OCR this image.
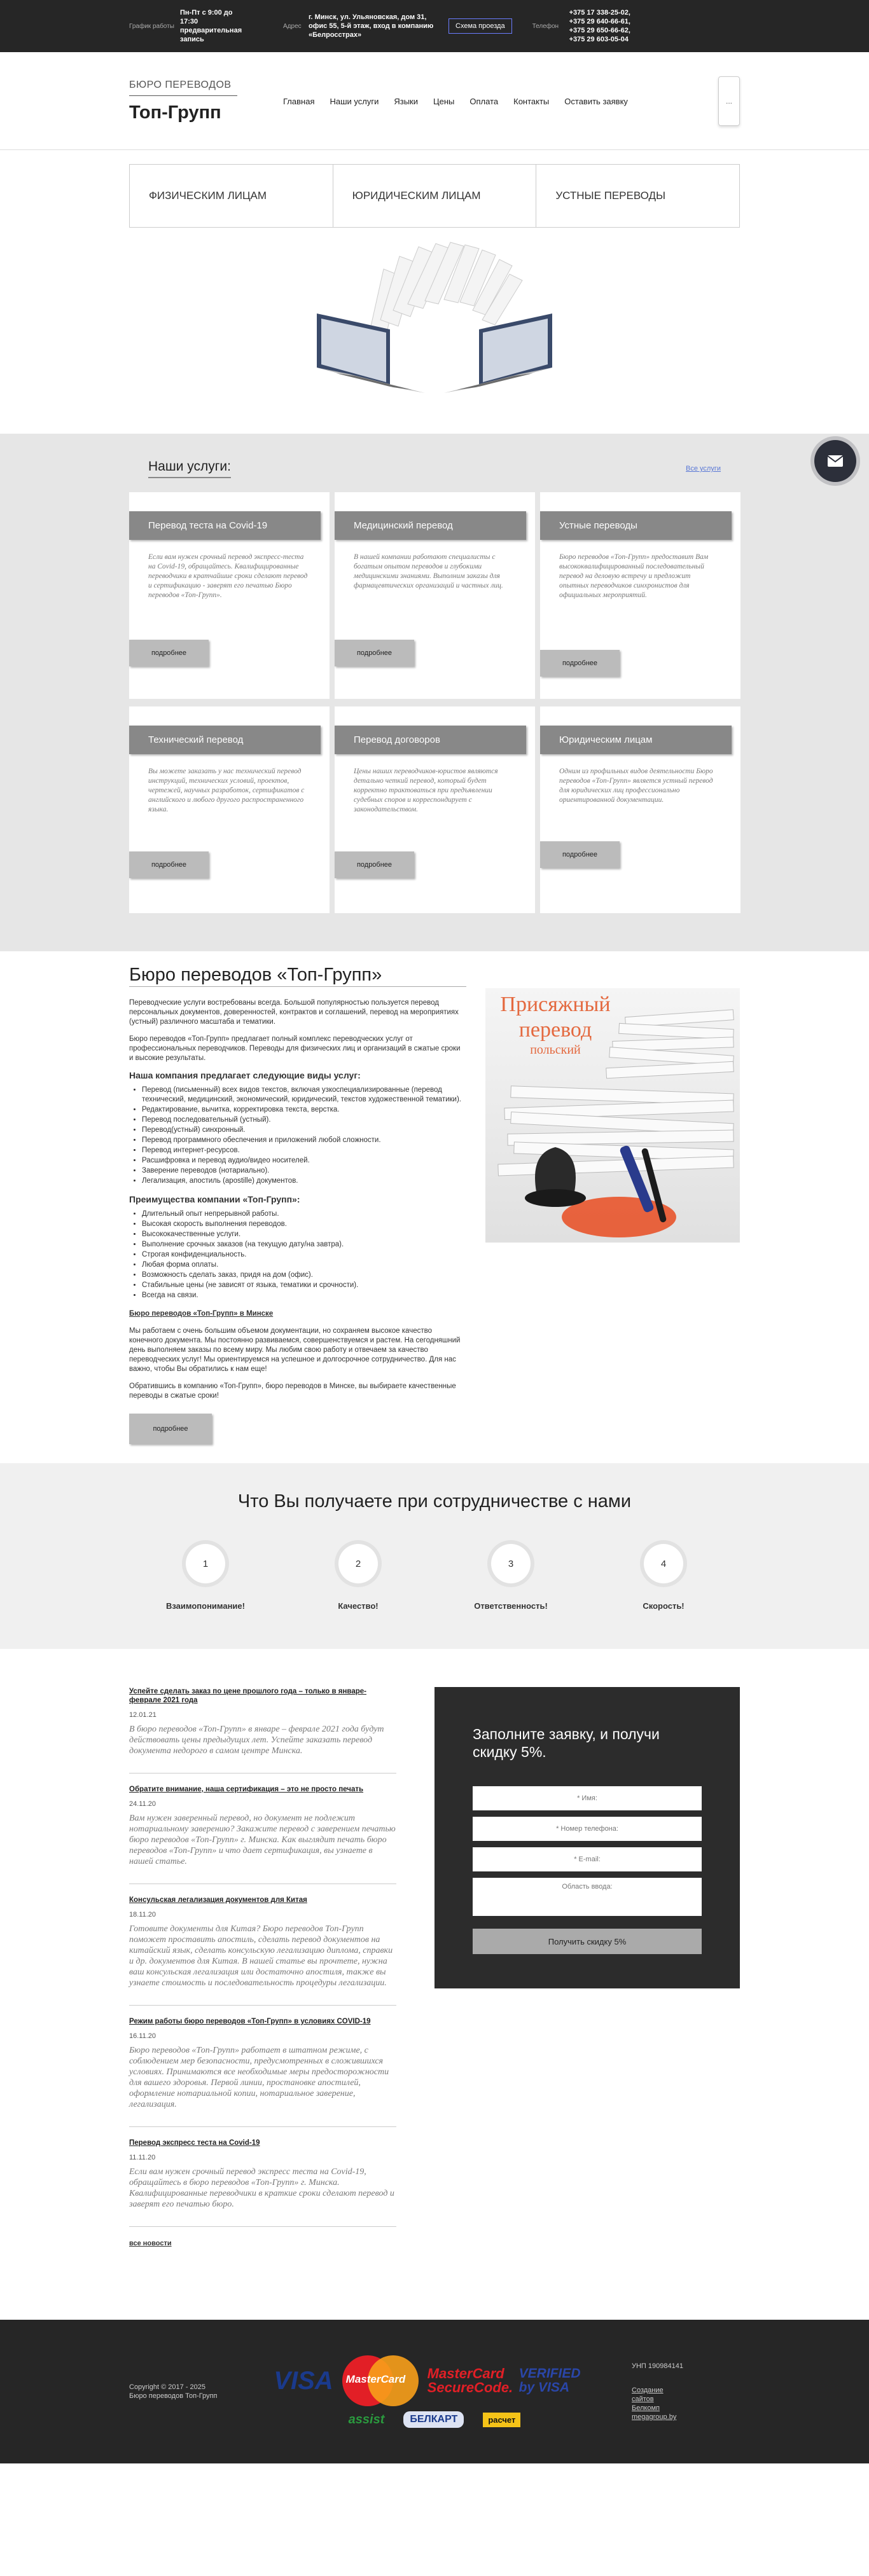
График работы
Пн-Пт с 9:00 до 17:30 предварительная запись
Адрес
г. Минск, ул. Ульяновская, дом 31, офис 55, 5-й этаж, вход в компанию «Белросстрах»
Схема проезда	Телефон
+375 17 338-25-02,
+375 29 640-66-61,
+375 29 650-66-62,
+375 29 603-05-04
БЮРО ПЕРЕВОДОВ
Топ-Групп
Главная	Наши услуги	Языки	Цены	Оплата	Контакты	Оставить заявку	...
ФИЗИЧЕСКИМ ЛИЦАМ	ЮРИДИЧЕСКИМ ЛИЦАМ	УСТНЫЕ ПЕРЕВОДЫ
Наши услуги:	Все услуги
Перевод теста на Covid-19
Если вам нужен срочный перевод экспресс-теста на Covid-19, обращайтесь. Квалифицированные переводчики в кратчайшие сроки сделают перевод и сертификацию - заверят его печатью Бюро переводов «Топ-Групп».
подробнее
Медицинский перевод
В нашей компании работают специалисты с богатым опытом переводов и глубокими медицинскими знаниями. Выполним заказы для фармацевтических организаций и частных лиц.
подробнее
Устные переводы
Бюро переводов «Топ-Групп» предоставит Вам высококвалифицированный последовательный перевод на деловую встречу и предложит опытных переводчиков синхронистов для официальных мероприятий.
подробнее
Технический перевод
Вы можете заказать у нас технический перевод инструкций, технических условий, проектов, чертежей, научных разработок, сертификатов с английского и любого другого распространенного языка.
подробнее
Перевод договоров
Цены наших переводчиков-юристов являются детально четкий перевод, который будет корректно трактоваться при предъявлении судебных споров и корреспондирует с законодательством.
подробнее
Юридическим лицам
Одним из профильных видов деятельности Бюро переводов «Топ-Групп» является устный перевод для юридических лиц профессионально ориентированной документации.
подробнее
Бюро переводов «Топ-Групп»

Переводческие услуги востребованы всегда. Большой популярностью пользуется перевод персональных документов, доверенностей, контрактов и соглашений, перевод на мероприятиях (устный) различного масштаба и тематики.

Бюро переводов «Топ-Групп» предлагает полный комплекс переводческих услуг от профессиональных переводчиков. Переводы для физических лиц и организаций в сжатые сроки и высокие результаты.

Наша компания предлагает следующие виды услуг:
• Перевод (письменный) всех видов текстов, включая узкоспециализированные (перевод технический, медицинский, экономический, юридический, текстов художественной тематики).
• Редактирование, вычитка, корректировка текста, верстка.
• Перевод последовательный (устный).
• Перевод(устный) синхронный.
• Перевод программного обеспечения и приложений любой сложности.
• Перевод интернет-ресурсов.
• Расшифровка и перевод аудио/видео носителей.
• Заверение переводов (нотариально).
• Легализация, апостиль (apostille) документов.
Преимущества компании «Топ-Групп»:
• Длительный опыт непрерывной работы.
• Высокая скорость выполнения переводов.
• Высококачественные услуги.
• Выполнение срочных заказов (на текущую дату/на завтра).
• Строгая конфиденциальность.
• Любая форма оплаты.
• Возможность сделать заказ, придя на дом (офис).
• Стабильные цены (не зависят от языка, тематики и срочности).
• Всегда на связи.

Бюро переводов «Топ-Групп» в Минске

Мы работаем с очень большим объемом документации, но сохраняем высокое качество конечного документа. Мы постоянно развиваемся, совершенствуемся и растем. На сегодняшний день выполняем заказы по всему миру. Мы любим свою работу и отвечаем за качество переводческих услуг! Мы ориентируемся на успешное и долгосрочное сотрудничество. Для нас важно, чтобы Вы обратились к нам еще!

Обратившись в компанию «Топ-Групп», бюро переводов в Минске, вы выбираете качественные переводы в сжатые сроки!

подробнее
Присяжный перевод
польский
Что Вы получаете при сотрудничестве с нами
1
Взаимопонимание!
2
Качество!
3
Ответственность!
4
Скорость!
Успейте сделать заказ по цене прошлого года – только в январе-феврале 2021 года
12.01.21
В бюро переводов «Топ-Групп» в январе – феврале 2021 года будут действовать цены предыдущих лет. Успейте заказать перевод документа недорого в самом центре Минска.
Обратите внимание, наша сертификация – это не просто печать
24.11.20
Вам нужен заверенный перевод, но документ не подлежит нотариальному заверению? Закажите перевод с заверением печатью бюро переводов «Топ-Групп» г. Минска. Как выглядит печать бюро переводов «Топ-Групп» и что дает сертификация, вы узнаете в нашей статье.
Консульская легализация документов для Китая
18.11.20
Готовите документы для Китая? Бюро переводов Топ-Групп поможет проставить апостиль, сделать перевод документов на китайский язык, сделать консульскую легализацию диплома, справки и др. документов для Китая. В нашей статье вы прочтете, нужна ваш консульская легализация или достаточно апостиля, также вы узнаете стоимость и последовательность процедуры легализации.
Режим работы бюро переводов «Топ-Групп» в условиях COVID-19
16.11.20
Бюро переводов «Топ-Групп» работает в штатном режиме, с соблюдением мер безопасности, предусмотренных в сложившихся условиях. Принимаются все необходимые меры предосторожности для вашего здоровья. Первой линии, простановке апостилей, оформление нотариальной копии, нотариальное заверение, легализация.
Перевод экспресс теста на Covid-19
11.11.20
Если вам нужен срочный перевод экспресс теста на Covid-19, обращайтесь в бюро переводов «Топ-Групп» г. Минска. Квалифицированные переводчики в краткие сроки сделают перевод и заверят его печатью бюро.
все новости
Заполните заявку, и получи скидку 5%.
* Имя:
* Номер телефона:
* E-mail:
Область ввода: Получить скидку 5%
Copyright © 2017 - 2025
Бюро переводов Топ-Групп
VISA MasterCard MasterCard SecureCode.
VERIFIED by VISA
assist	БЕЛКАРТ	расчет
УНП 190984141
Создание
сайтов
Белкомп
megagroup.by
